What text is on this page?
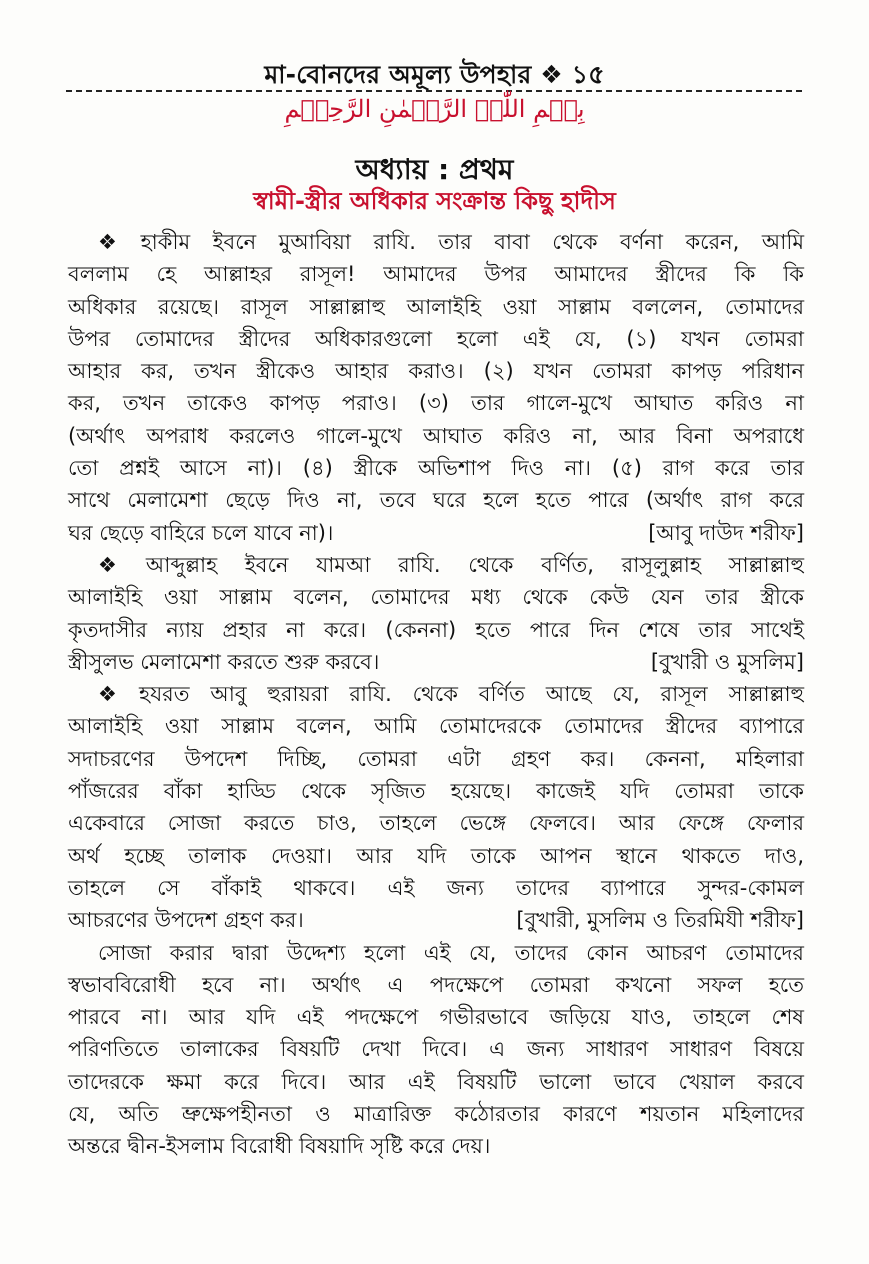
মা-বোনদের অমূল্য উপহার ❖ ১৫
بِسۡمِ اللّٰہِ الرَّحۡمٰنِ الرَّحِیۡمِ
অধ্যায় : প্রথম
স্বামী-স্ত্রীর অধিকার সংক্রান্ত কিছু হাদীস
❖ হাকীম ইবনে মুআবিয়া রাযি. তার বাবা থেকে বর্ণনা করেন, আমি
বললাম হে আল্লাহর রাসূল! আমাদের উপর আমাদের স্ত্রীদের কি কি
অধিকার রয়েছে। রাসূল সাল্লাল্লাহু আলাইহি ওয়া সাল্লাম বললেন, তোমাদের
উপর তোমাদের স্ত্রীদের অধিকারগুলো হলো এই যে, (১) যখন তোমরা
আহার কর, তখন স্ত্রীকেও আহার করাও। (২) যখন তোমরা কাপড় পরিধান
কর, তখন তাকেও কাপড় পরাও। (৩) তার গালে-মুখে আঘাত করিও না
(অর্থাৎ অপরাধ করলেও গালে-মুখে আঘাত করিও না, আর বিনা অপরাধে
তো প্রশ্নই আসে না)। (৪) স্ত্রীকে অভিশাপ দিও না। (৫) রাগ করে তার
সাথে মেলামেশা ছেড়ে দিও না, তবে ঘরে হলে হতে পারে (অর্থাৎ রাগ করে
ঘর ছেড়ে বাহিরে চলে যাবে না)।	[আবু দাউদ শরীফ]
❖ আব্দুল্লাহ ইবনে যামআ রাযি. থেকে বর্ণিত, রাসূলুল্লাহ সাল্লাল্লাহু
আলাইহি ওয়া সাল্লাম বলেন, তোমাদের মধ্য থেকে কেউ যেন তার স্ত্রীকে
কৃতদাসীর ন্যায় প্রহার না করে। (কেননা) হতে পারে দিন শেষে তার সাথেই
স্ত্রীসুলভ মেলামেশা করতে শুরু করবে।	[বুখারী ও মুসলিম]
❖ হযরত আবু হুরায়রা রাযি. থেকে বর্ণিত আছে যে, রাসূল সাল্লাল্লাহু
আলাইহি ওয়া সাল্লাম বলেন, আমি তোমাদেরকে তোমাদের স্ত্রীদের ব্যাপারে
সদাচরণের উপদেশ দিচ্ছি, তোমরা এটা গ্রহণ কর। কেননা, মহিলারা
পাঁজরের বাঁকা হাড্ডি থেকে সৃজিত হয়েছে। কাজেই যদি তোমরা তাকে
একেবারে সোজা করতে চাও, তাহলে ভেঙ্গে ফেলবে। আর ফেঙ্গে ফেলার
অর্থ হচ্ছে তালাক দেওয়া। আর যদি তাকে আপন স্থানে থাকতে দাও,
তাহলে সে বাঁকাই থাকবে। এই জন্য তাদের ব্যাপারে সুন্দর-কোমল
আচরণের উপদেশ গ্রহণ কর।	[বুখারী, মুসলিম ও তিরমিযী শরীফ]
সোজা করার দ্বারা উদ্দেশ্য হলো এই যে, তাদের কোন আচরণ তোমাদের
স্বভাববিরোধী হবে না। অর্থাৎ এ পদক্ষেপে তোমরা কখনো সফল হতে
পারবে না। আর যদি এই পদক্ষেপে গভীরভাবে জড়িয়ে যাও, তাহলে শেষ
পরিণতিতে তালাকের বিষয়টি দেখা দিবে। এ জন্য সাধারণ সাধারণ বিষয়ে
তাদেরকে ক্ষমা করে দিবে। আর এই বিষয়টি ভালো ভাবে খেয়াল করবে
যে, অতি ভ্রুক্ষেপহীনতা ও মাত্রারিক্ত কঠোরতার কারণে শয়তান মহিলাদের
অন্তরে দ্বীন-ইসলাম বিরোধী বিষয়াদি সৃষ্টি করে দেয়।
